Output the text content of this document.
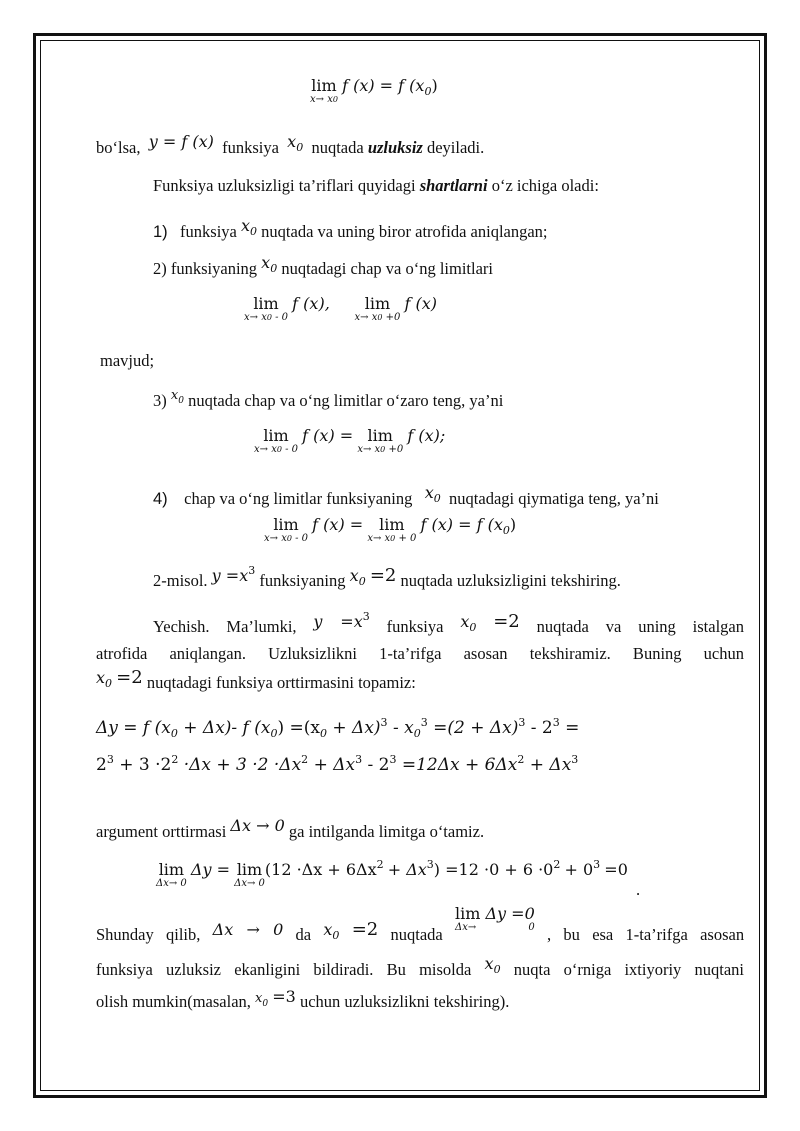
lim
x→ x0
f (x) = f $(x_0)$
bo‘lsa, y = f (x) funksiya $x_0$ nuqtada uzluksiz deyiladi.
Funksiya uzluksizligi ta’riflari quyidagi shartlarni o‘z ichiga oladi:
1) funksiya $x_0$ nuqtada va uning biror atrofida aniqlangan;
2) funksiyaning $x_0$ nuqtadagi chap va o‘ng limitlari
lim
x→ x0 - 0
f (x),	lim
x→ x0 +0
f (x)
mavjud;
3) $^{x_0}$ nuqtada chap va o‘ng limitlar o‘zaro teng, ya’ni
lim
x→ x0 - 0
f (x) = lim
x→ x0 +0
f (x);
4) chap va o‘ng limitlar funksiyaning $x_0$ nuqtadagi qiymatiga teng, ya’ni
lim
x→ x0 - 0
f (x) = lim
x→ x0 + 0
f (x) = f $(x_0)$
2-misol. $y =x^3$ funksiyaning $x_0 =2$ nuqtada uzluksizligini tekshiring.
Yechish. Ma’lumki, $y =x^3$ funksiya $x_0 =2$ nuqtada va uning istalgan
atrofida aniqlangan. Uzluksizlikni 1-ta’rifga asosan tekshiramiz. Buning uchun
$x_0 =2$ nuqtadagi funksiya orttirmasini topamiz:
Δy = f $(x_0 + \Delta x)-$ f $(x_0) =(x_0 + \Delta x)^3 - x_0^3 =(2 + \Delta x)^3 - 2^3$ =
$2^3 + 3 \cdot 2^2 \cdot\Delta x + 3 \cdot 2 \cdot\Delta x^2 + \Delta x^3 - 2^3 =12\Delta x + 6\Delta x^2 + \Delta x^3$
argument orttirmasi Δx → 0 ga intilganda limitga o‘tamiz.
lim
Δx→ 0
Δy = lim
Δx→ 0
$(12 \cdot\Delta x + 6\Delta x^2 + \Delta x^3) =12 \cdot 0 + 6 \cdot 0^2 + 0^3 =0$
.
Shunday qilib, Δx → 0 da $x_0 =2$ nuqtada
lim Δy =0
Δx→ 0 , bu esa 1-ta’rifga asosan
funksiya uzluksiz ekanligini bildiradi. Bu misolda $x_0$ nuqta o‘rniga ixtiyoriy nuqtani
olish mumkin(masalan, $x_0 =3$ uchun uzluksizlikni tekshiring).
